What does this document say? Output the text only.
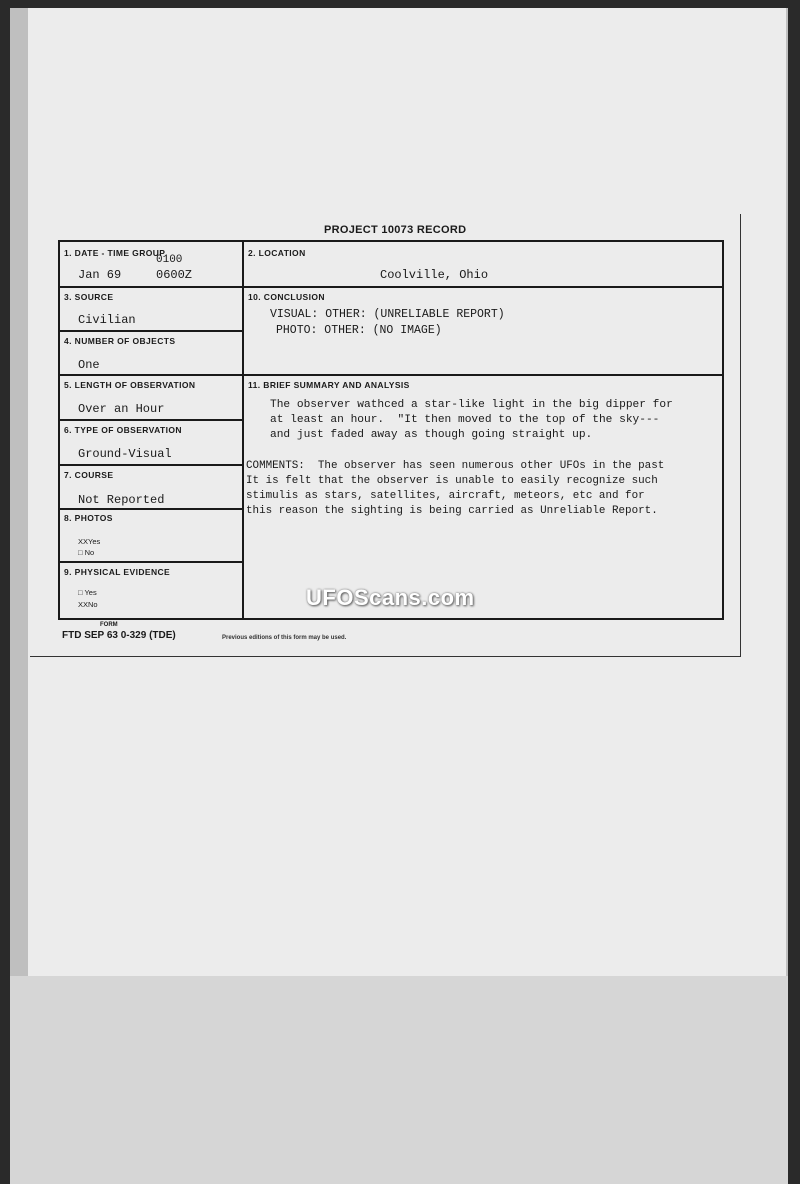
PROJECT 10073 RECORD
1. DATE - TIME GROUP
0100
Jan 69	0600Z
2. LOCATION
Coolville, Ohio
3. SOURCE
Civilian
4. NUMBER OF OBJECTS
One
10. CONCLUSION
VISUAL: OTHER: (UNRELIABLE REPORT)
PHOTO: OTHER: (NO IMAGE)
5. LENGTH OF OBSERVATION
Over an Hour
6. TYPE OF OBSERVATION
Ground-Visual
7. COURSE
Not Reported
8. PHOTOS
XXYes
□ No
9. PHYSICAL EVIDENCE
□ Yes
XXNo
11. BRIEF SUMMARY AND ANALYSIS
The observer wathced a star-like light in the big dipper for
at least an hour.  "It then moved to the top of the sky---
and just faded away as though going straight up.
COMMENTS:  The observer has seen numerous other UFOs in the past
It is felt that the observer is unable to easily recognize such
stimulis as stars, satellites, aircraft, meteors, etc and for
this reason the sighting is being carried as Unreliable Report.
FORM
FTD SEP 63 0-329 (TDE)	Previous editions of this form may be used.
UFOScans.com
